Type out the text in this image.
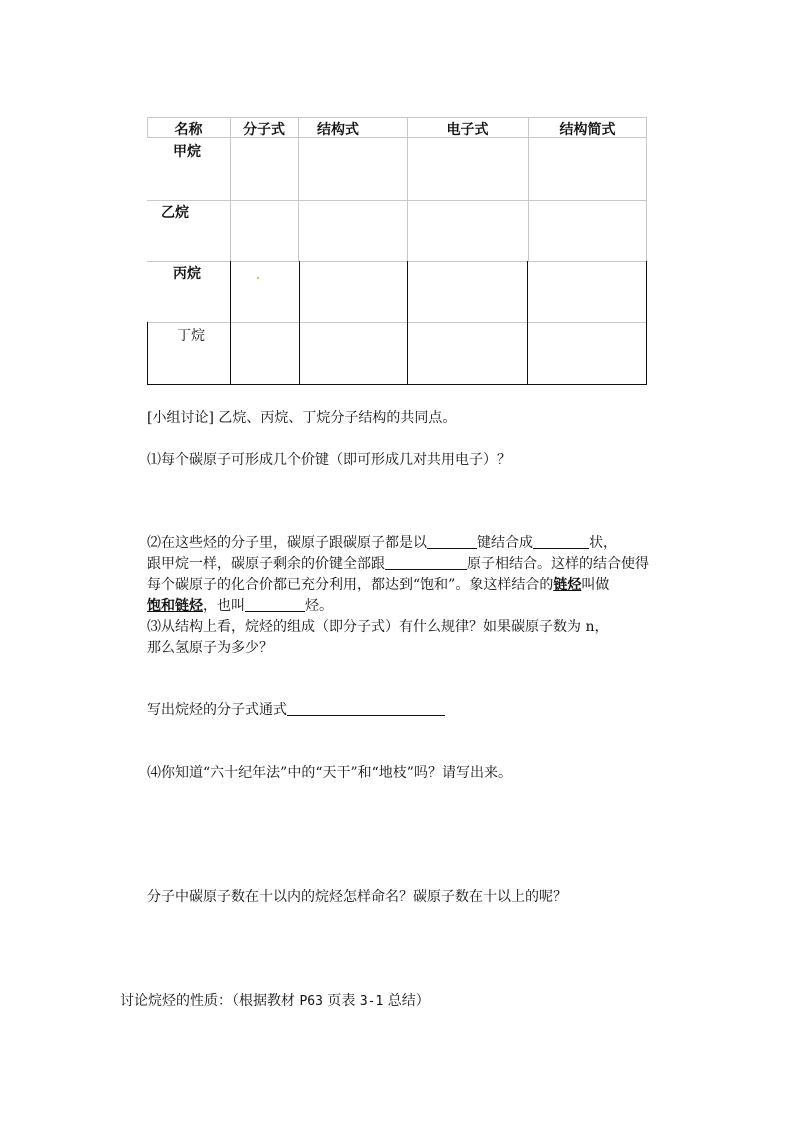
名称	分子式	结构式	电子式	结构简式
甲烷
乙烷
丙烷
丁烷
[小组讨论] 乙烷、丙烷、丁烷分子结构的共同点。
⑴每个碳原子可形成几个价键（即可形成几对共用电子）？
⑵在这些烃的分子里，碳原子跟碳原子都是以	键结合成	状，
跟甲烷一样，碳原子剩余的价键全部跟	原子相结合。这样的结合使得
每个碳原子的化合价都已充分利用，都达到“饱和”。象这样结合的链烃叫做
饱和链烃，也叫	烃。
⑶从结构上看，烷烃的组成（即分子式）有什么规律？如果碳原子数为 n，
那么氢原子为多少？
写出烷烃的分子式通式
⑷你知道“六十纪年法”中的“天干”和“地枝”吗？请写出来。
分子中碳原子数在十以内的烷烃怎样命名？碳原子数在十以上的呢？
讨论烷烃的性质：（根据教材 P63 页表 3-1 总结）
